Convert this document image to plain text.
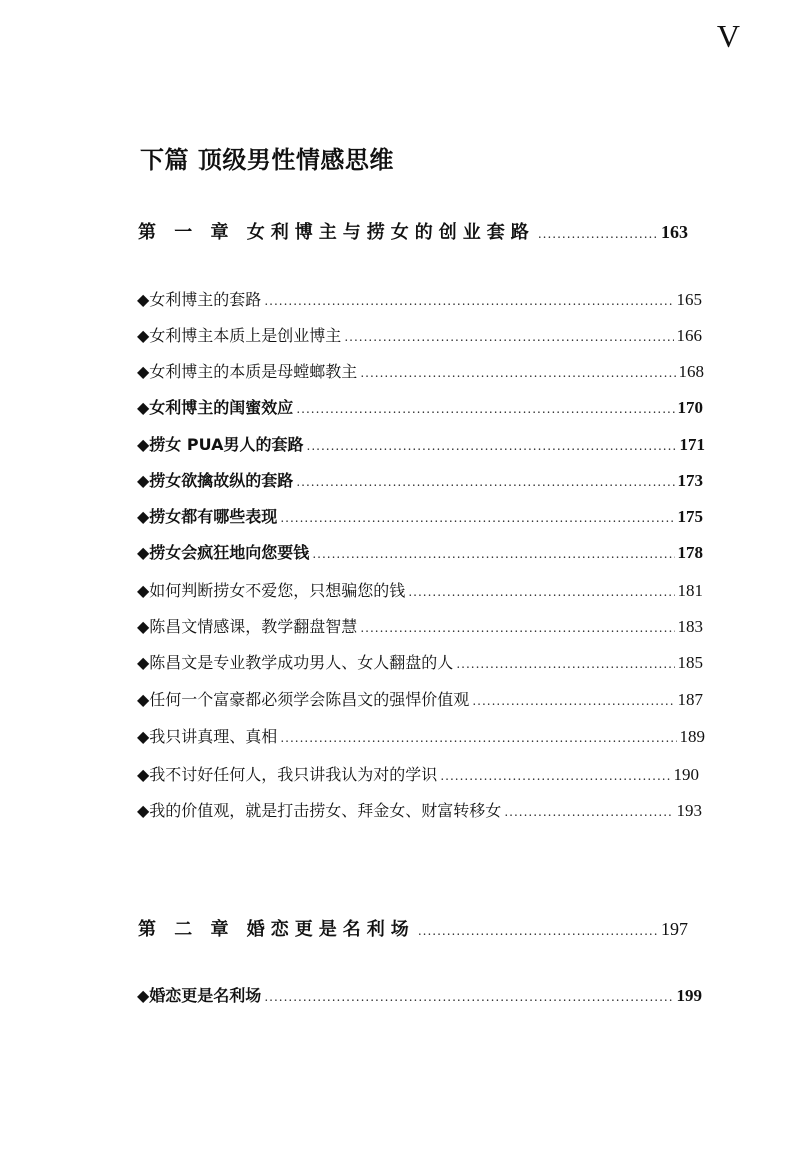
V
下篇 顶级男性情感思维
第 一 章 女利博主与捞女的创业套路 .....	163
◆女利博主的套路 .....	165
◆女利博主本质上是创业博主 .....	166
◆女利博主的本质是母螳螂教主 .....	168
◆女利博主的闺蜜效应 .....	170
◆捞女 PUA男人的套路 .....	171
◆捞女欲擒故纵的套路 .....	173
◆捞女都有哪些表现 .....	175
◆捞女会疯狂地向您要钱 .....	178
◆如何判断捞女不爱您，只想骗您的钱 .....	181
◆陈昌文情感课，教学翻盘智慧 .....	183
◆陈昌文是专业教学成功男人、女人翻盘的人 .....	185
◆任何一个富豪都必须学会陈昌文的强悍价值观 .....	187
◆我只讲真理、真相 .....	189
◆我不讨好任何人，我只讲我认为对的学识 .....	190
◆我的价值观，就是打击捞女、拜金女、财富转移女 .....	193
第 二 章 婚恋更是名利场 .....	197
◆婚恋更是名利场 .....	199
